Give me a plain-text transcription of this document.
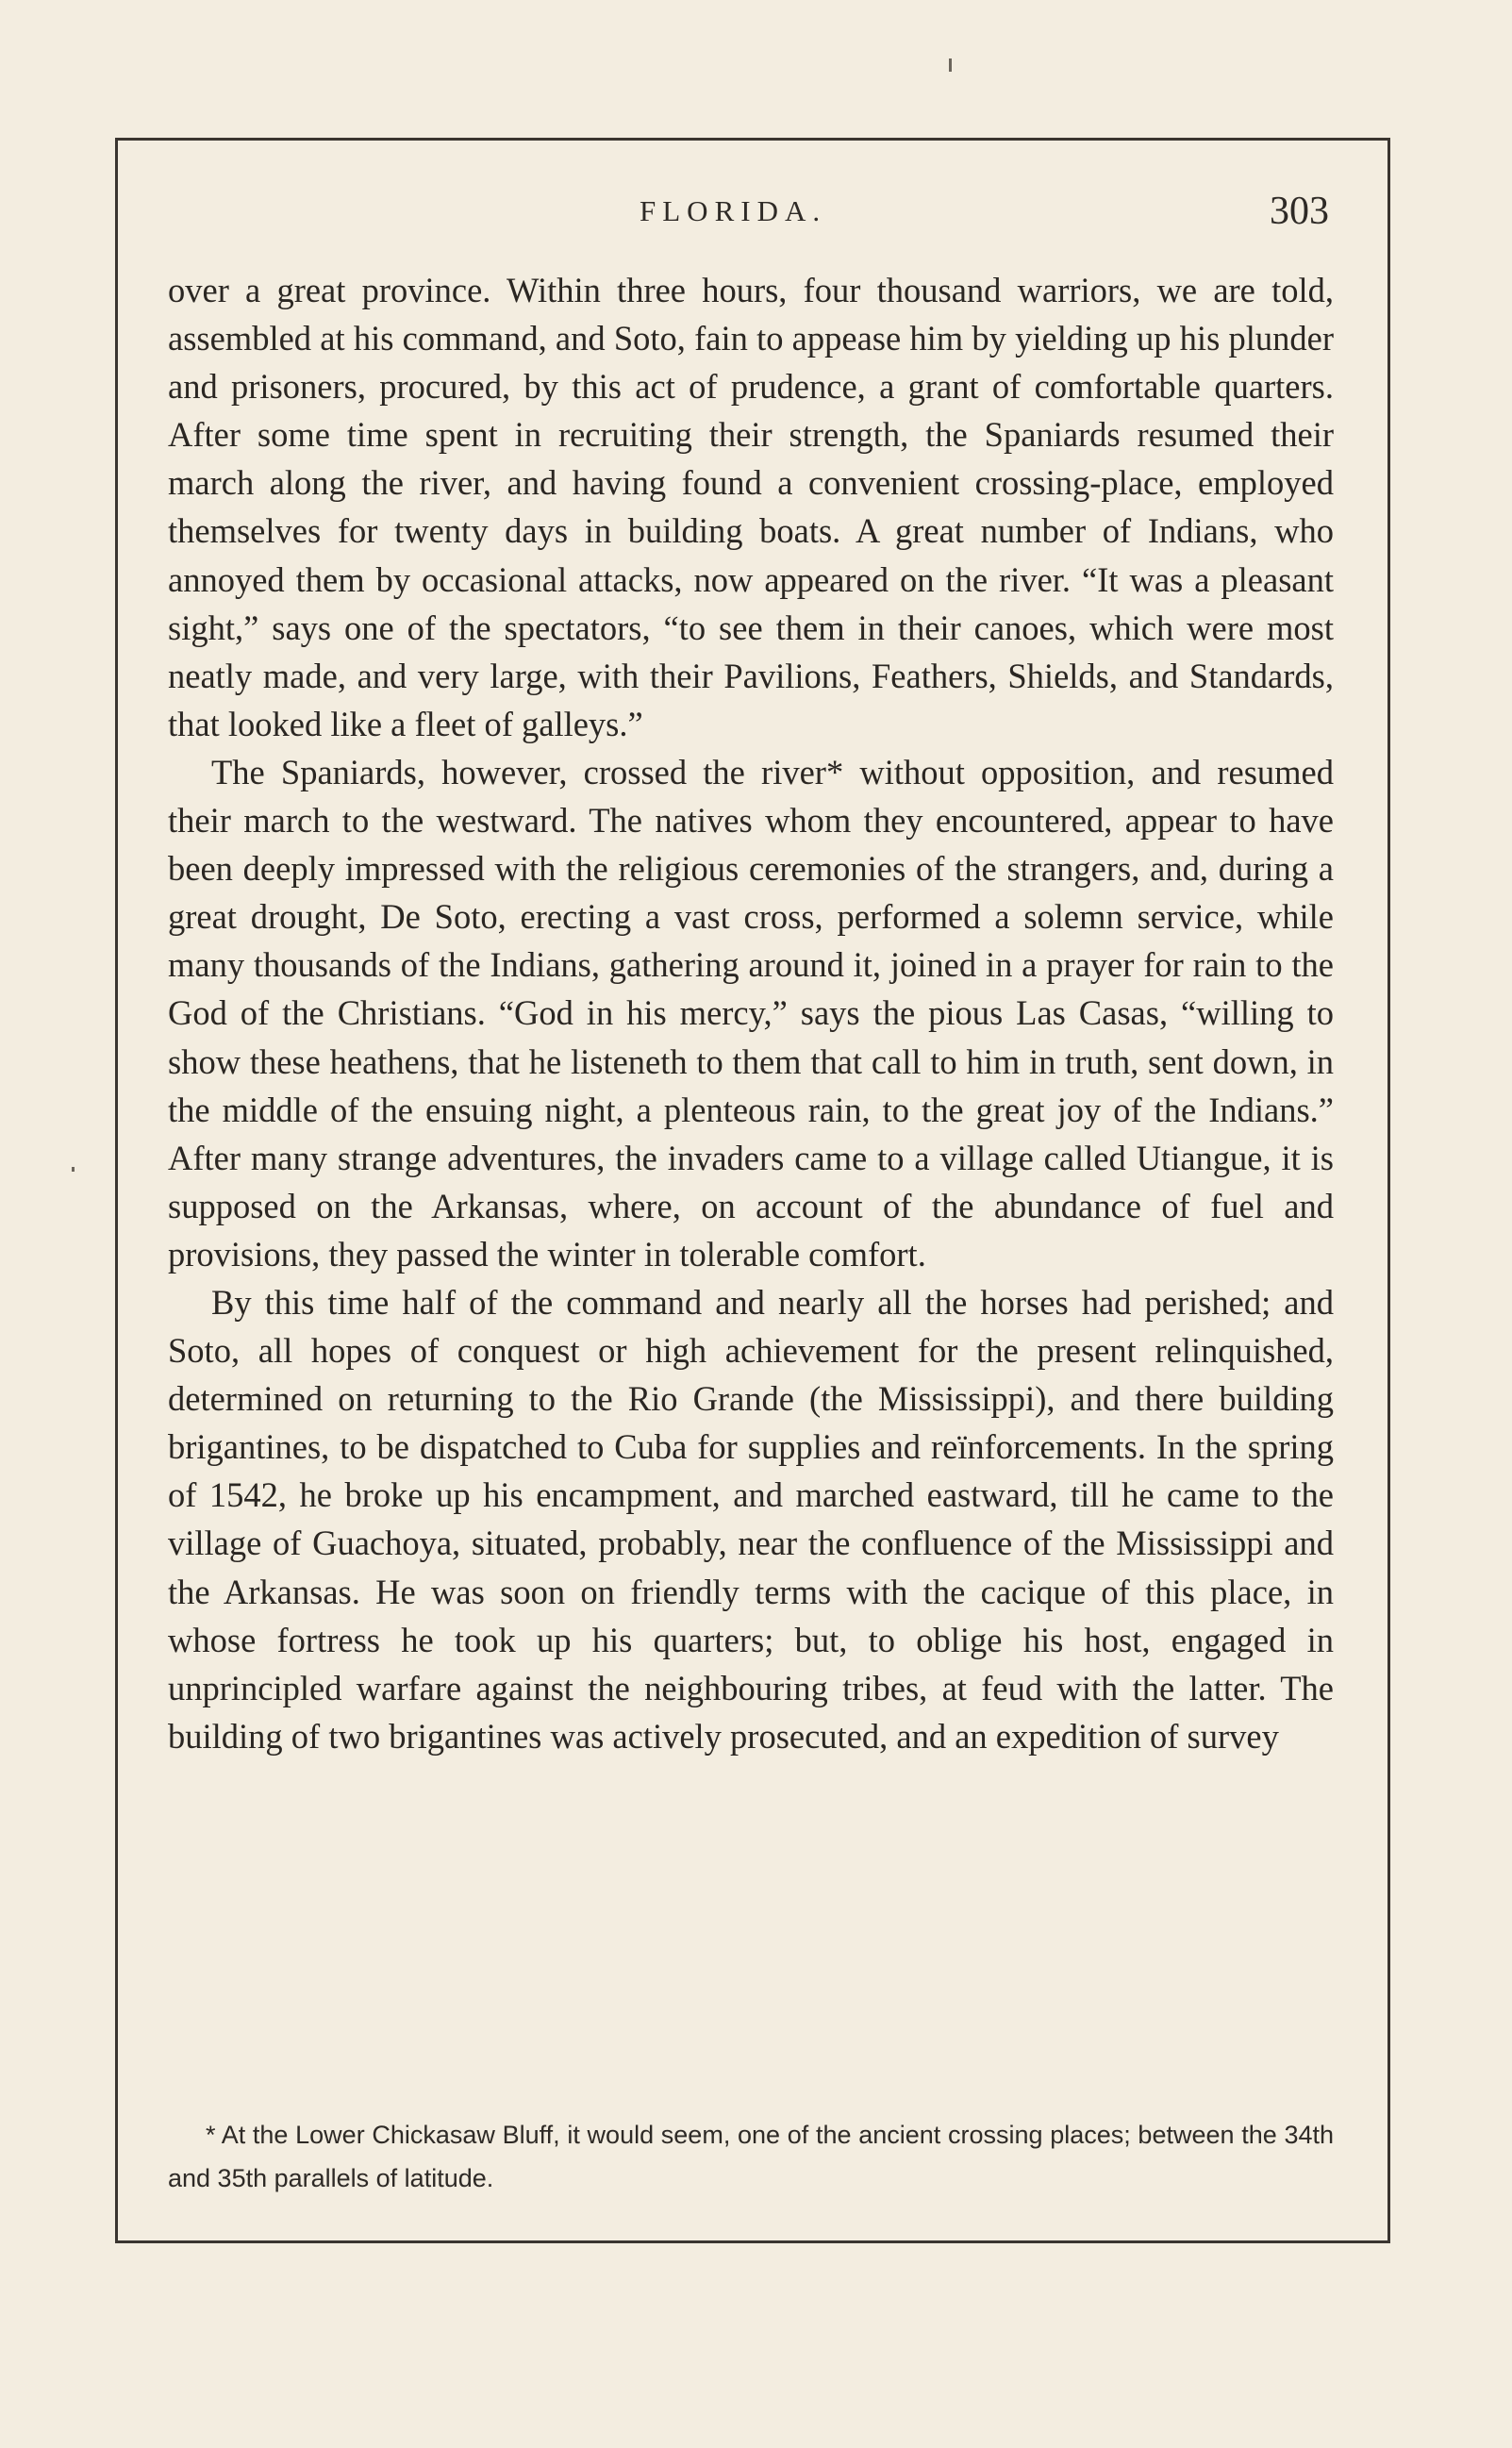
FLORIDA.	303

over a great province. Within three hours, four thousand warriors, we are told, assembled at his command, and Soto, fain to appease him by yielding up his plunder and prisoners, procured, by this act of prudence, a grant of comfortable quarters. After some time spent in recruiting their strength, the Spaniards resumed their march along the river, and having found a convenient crossing-place, employed themselves for twenty days in building boats. A great number of Indians, who annoyed them by occasional attacks, now appeared on the river. “It was a pleasant sight,” says one of the spectators, “to see them in their canoes, which were most neatly made, and very large, with their Pavilions, Feathers, Shields, and Standards, that looked like a fleet of galleys.”

The Spaniards, however, crossed the river* without opposition, and resumed their march to the westward. The natives whom they encountered, appear to have been deeply impressed with the religious ceremonies of the strangers, and, during a great drought, De Soto, erecting a vast cross, performed a solemn service, while many thousands of the Indians, gathering around it, joined in a prayer for rain to the God of the Christians. “God in his mercy,” says the pious Las Casas, “willing to show these heathens, that he listeneth to them that call to him in truth, sent down, in the middle of the ensuing night, a plenteous rain, to the great joy of the Indians.” After many strange adventures, the invaders came to a village called Utiangue, it is supposed on the Arkansas, where, on account of the abundance of fuel and provisions, they passed the winter in tolerable comfort.

By this time half of the command and nearly all the horses had perished; and Soto, all hopes of conquest or high achievement for the present relinquished, determined on returning to the Rio Grande (the Mississippi), and there building brigantines, to be dispatched to Cuba for supplies and reïnforcements. In the spring of 1542, he broke up his encampment, and marched eastward, till he came to the village of Guachoya, situated, probably, near the confluence of the Mississippi and the Arkansas. He was soon on friendly terms with the cacique of this place, in whose fortress he took up his quarters; but, to oblige his host, engaged in unprincipled warfare against the neighbouring tribes, at feud with the latter. The building of two brigantines was actively prosecuted, and an expedition of survey

* At the Lower Chickasaw Bluff, it would seem, one of the ancient crossing places; between the 34th and 35th parallels of latitude.
